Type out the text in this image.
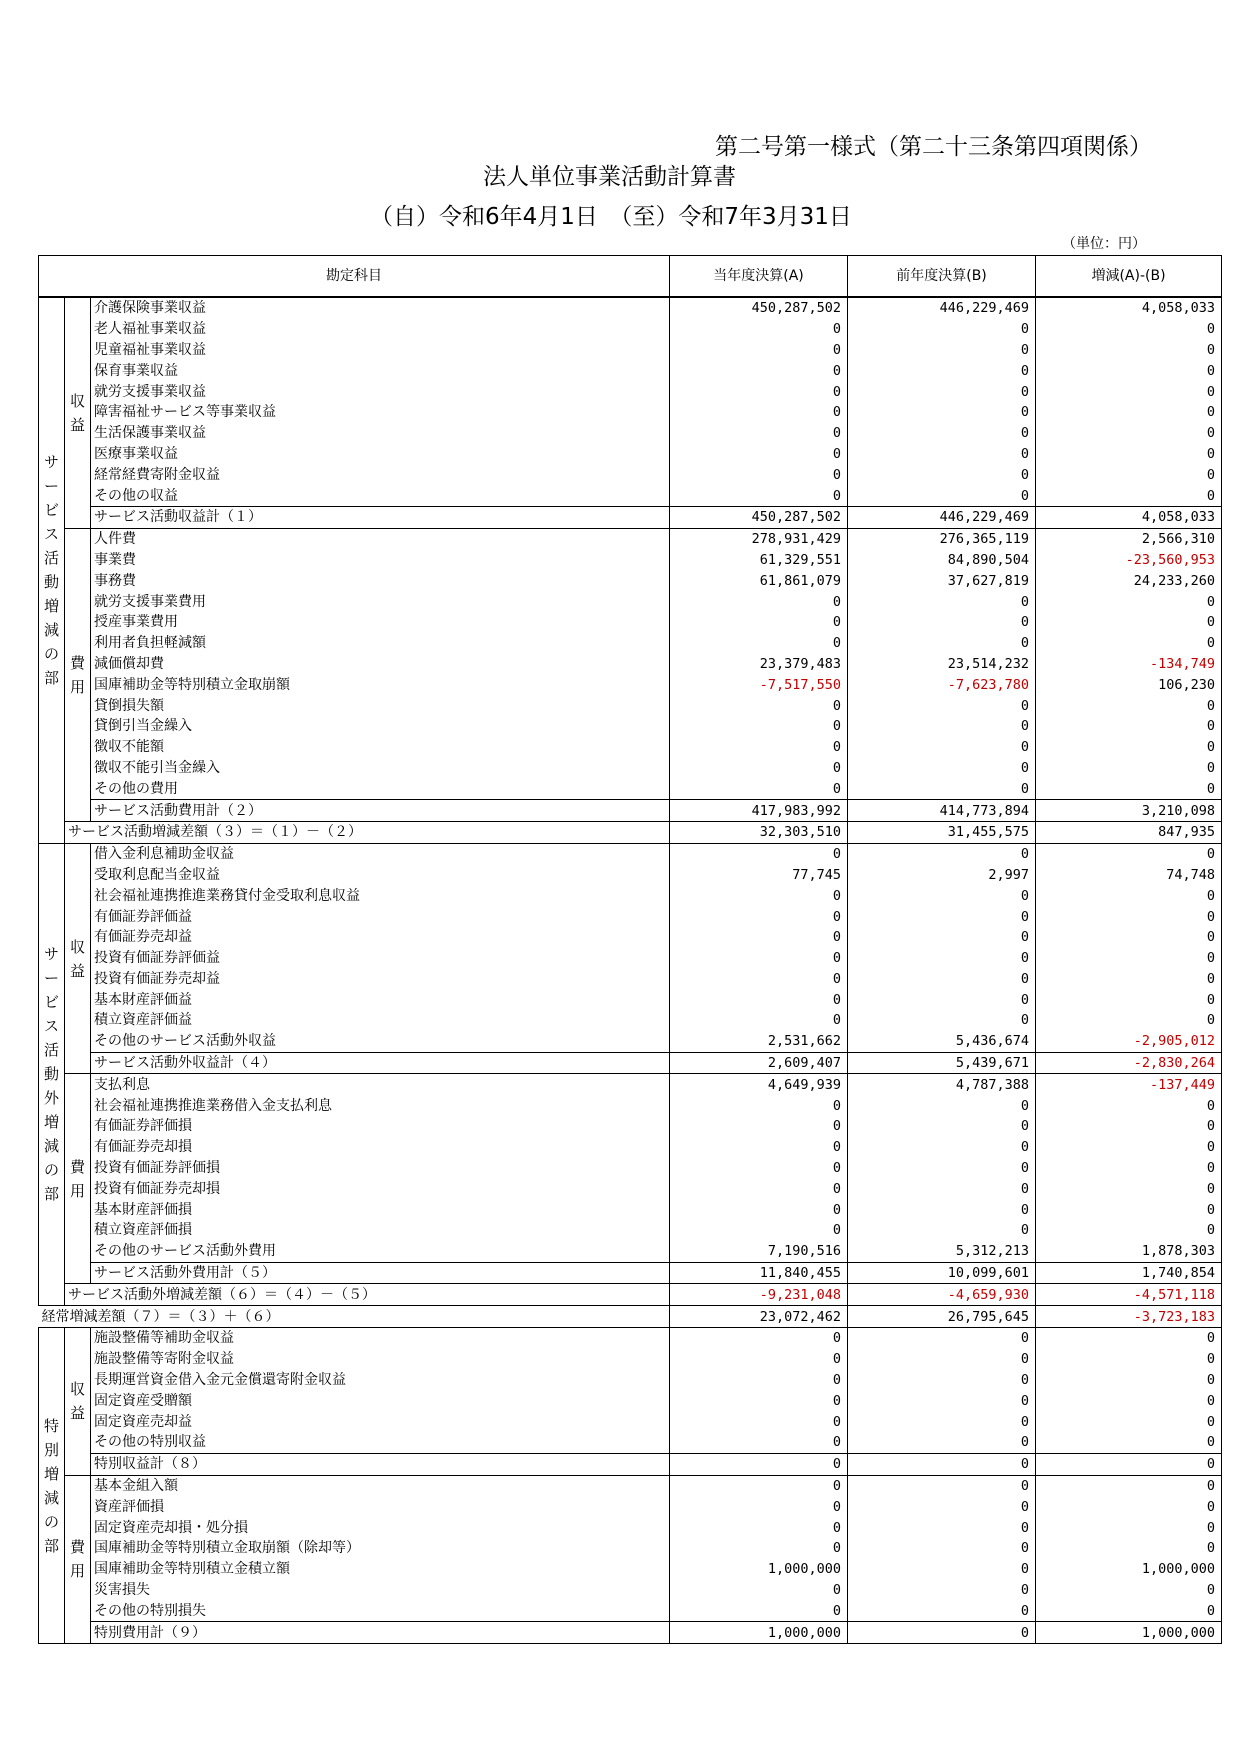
第二号第一様式（第二十三条第四項関係）
法人単位事業活動計算書
（自）令和6年4月1日　（至）令和7年3月31日
（単位：円）
勘定科目			当年度決算(A)	前年度決算(B)	増減(A)-(B)
サービス活動増減の部	収益	介護保険事業収益	450,287,502	446,229,469	4,058,033
		老人福祉事業収益	0	0	0
		児童福祉事業収益	0	0	0
		保育事業収益	0	0	0
		就労支援事業収益	0	0	0
		障害福祉サービス等事業収益	0	0	0
		生活保護事業収益	0	0	0
		医療事業収益	0	0	0
		経常経費寄附金収益	0	0	0
		その他の収益	0	0	0
		サービス活動収益計（１）	450,287,502	446,229,469	4,058,033
	費用	人件費	278,931,429	276,365,119	2,566,310
		事業費	61,329,551	84,890,504	-23,560,953
		事務費	61,861,079	37,627,819	24,233,260
		就労支援事業費用	0	0	0
		授産事業費用	0	0	0
		利用者負担軽減額	0	0	0
		減価償却費	23,379,483	23,514,232	-134,749
		国庫補助金等特別積立金取崩額	-7,517,550	-7,623,780	106,230
		貸倒損失額	0	0	0
		貸倒引当金繰入	0	0	0
		徴収不能額	0	0	0
		徴収不能引当金繰入	0	0	0
		その他の費用	0	0	0
		サービス活動費用計（２）	417,983,992	414,773,894	3,210,098
	サービス活動増減差額（３）＝（１）－（２）		32,303,510	31,455,575	847,935
サービス活動外増減の部	収益	借入金利息補助金収益	0	0	0
		受取利息配当金収益	77,745	2,997	74,748
		社会福祉連携推進業務貸付金受取利息収益	0	0	0
		有価証券評価益	0	0	0
		有価証券売却益	0	0	0
		投資有価証券評価益	0	0	0
		投資有価証券売却益	0	0	0
		基本財産評価益	0	0	0
		積立資産評価益	0	0	0
		その他のサービス活動外収益	2,531,662	5,436,674	-2,905,012
		サービス活動外収益計（４）	2,609,407	5,439,671	-2,830,264
	費用	支払利息	4,649,939	4,787,388	-137,449
		社会福祉連携推進業務借入金支払利息	0	0	0
		有価証券評価損	0	0	0
		有価証券売却損	0	0	0
		投資有価証券評価損	0	0	0
		投資有価証券売却損	0	0	0
		基本財産評価損	0	0	0
		積立資産評価損	0	0	0
		その他のサービス活動外費用	7,190,516	5,312,213	1,878,303
		サービス活動外費用計（５）	11,840,455	10,099,601	1,740,854
	サービス活動外増減差額（６）＝（４）－（５）		-9,231,048	-4,659,930	-4,571,118
経常増減差額（７）＝（３）＋（６）			23,072,462	26,795,645	-3,723,183
特別増減の部	収益	施設整備等補助金収益	0	0	0
		施設整備等寄附金収益	0	0	0
		長期運営資金借入金元金償還寄附金収益	0	0	0
		固定資産受贈額	0	0	0
		固定資産売却益	0	0	0
		その他の特別収益	0	0	0
		特別収益計（８）	0	0	0
	費用	基本金組入額	0	0	0
		資産評価損	0	0	0
		固定資産売却損・処分損	0	0	0
		国庫補助金等特別積立金取崩額（除却等）	0	0	0
		国庫補助金等特別積立金積立額	1,000,000	0	1,000,000
		災害損失	0	0	0
		その他の特別損失	0	0	0
		特別費用計（９）	1,000,000	0	1,000,000
